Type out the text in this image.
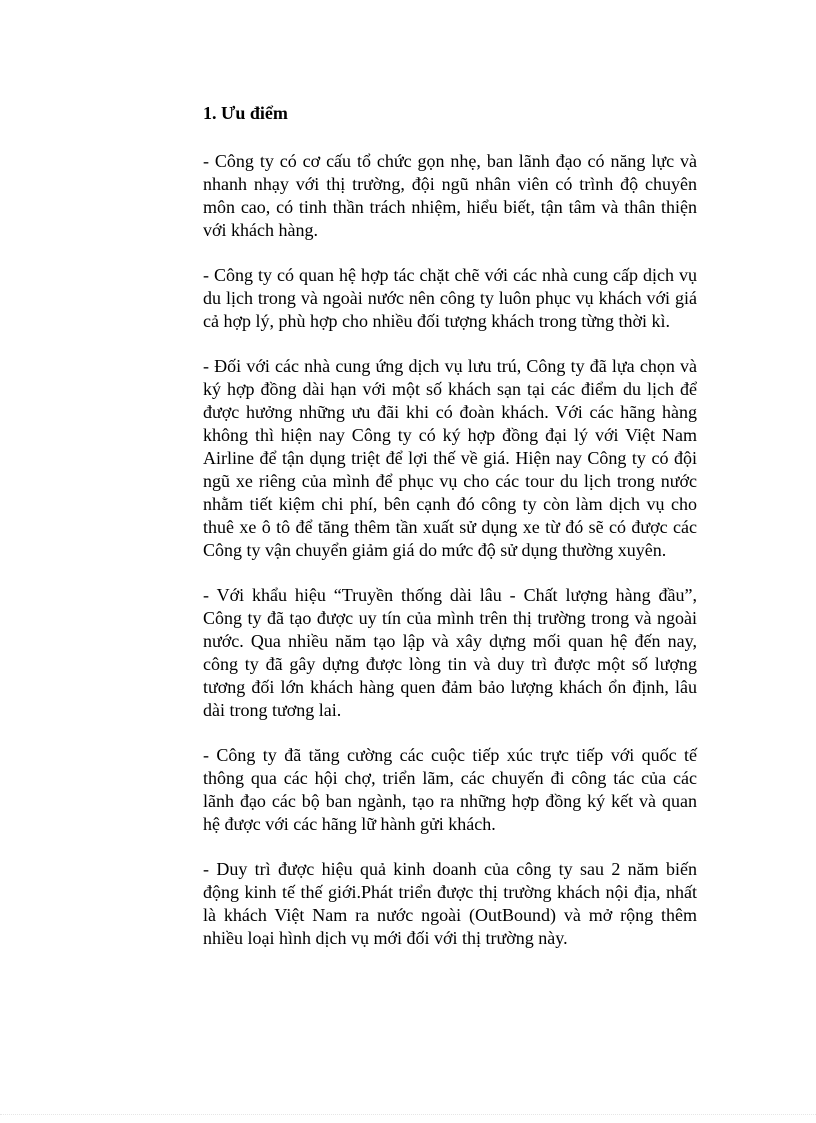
1. Ưu điểm

- Công ty có cơ cấu tổ chức gọn nhẹ, ban lãnh đạo có năng lực và nhanh nhạy với thị trường, đội ngũ nhân viên có trình độ chuyên môn cao, có tinh thần trách nhiệm, hiểu biết, tận tâm và thân thiện với khách hàng.

- Công ty có quan hệ hợp tác chặt chẽ với các nhà cung cấp dịch vụ du lịch trong và ngoài nước nên công ty luôn phục vụ khách với giá cả hợp lý, phù hợp cho nhiều đối tượng khách trong từng thời kì.

- Đối với các nhà cung ứng dịch vụ lưu trú, Công ty đã lựa chọn và ký hợp đồng dài hạn với một số khách sạn tại các điểm du lịch để được hưởng những ưu đãi khi có đoàn khách. Với các hãng hàng không thì hiện nay Công ty có ký hợp đồng đại lý với Việt Nam Airline để tận dụng triệt để lợi thế về giá. Hiện nay Công ty có đội ngũ xe riêng của mình để phục vụ cho các tour du lịch trong nước nhằm tiết kiệm chi phí, bên cạnh đó công ty còn làm dịch vụ cho thuê xe ô tô để tăng thêm tần xuất sử dụng xe từ đó sẽ có được các Công ty vận chuyển giảm giá do mức độ sử dụng thường xuyên.

- Với khẩu hiệu “Truyền thống dài lâu - Chất lượng hàng đầu”, Công ty đã tạo được uy tín của mình trên thị trường trong và ngoài nước. Qua nhiều năm tạo lập và xây dựng mối quan hệ đến nay, công ty đã gây dựng được lòng tin và duy trì được một số lượng tương đối lớn khách hàng quen đảm bảo lượng khách ổn định, lâu dài trong tương lai.

- Công ty đã tăng cường các cuộc tiếp xúc trực tiếp với quốc tế thông qua các hội chợ, triển lãm, các chuyến đi công tác của các lãnh đạo các bộ ban ngành, tạo ra những hợp đồng ký kết và quan hệ được với các hãng lữ hành gửi khách.

- Duy trì được hiệu quả kinh doanh của công ty sau 2 năm biến động kinh tế thế giới.Phát triển được thị trường khách nội địa, nhất là khách Việt Nam ra nước ngoài (OutBound) và mở rộng thêm nhiều loại hình dịch vụ mới đối với thị trường này.
